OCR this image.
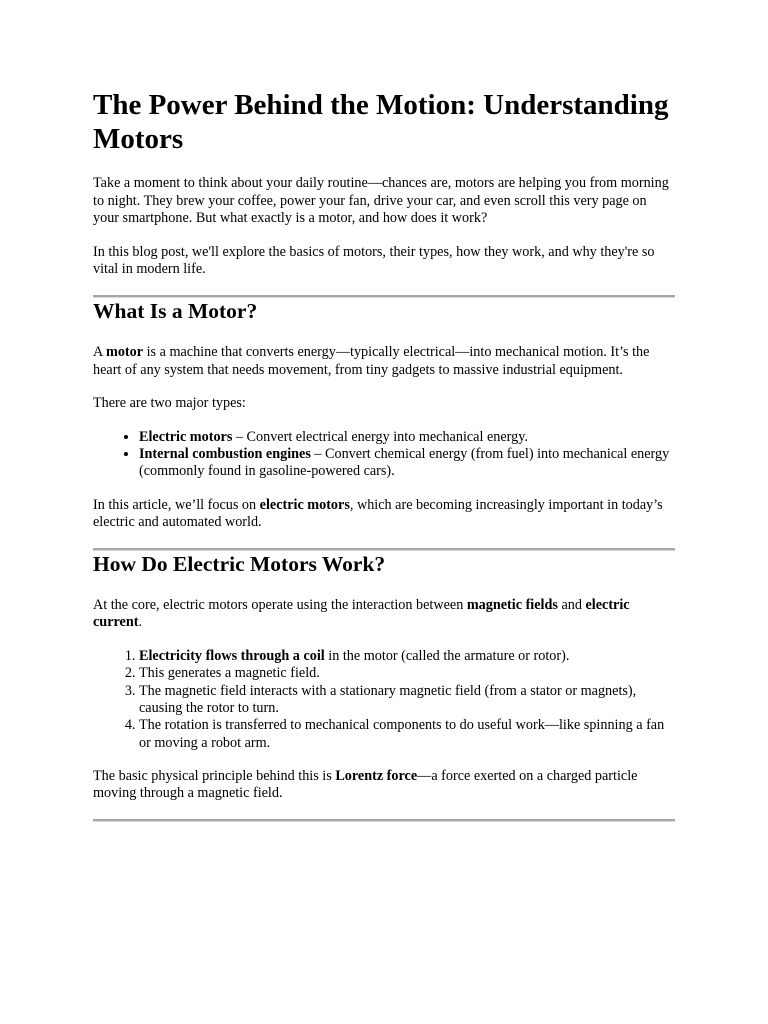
The Power Behind the Motion: Understanding Motors

Take a moment to think about your daily routine—chances are, motors are helping you from morning to night. They brew your coffee, power your fan, drive your car, and even scroll this very page on your smartphone. But what exactly is a motor, and how does it work?

In this blog post, we'll explore the basics of motors, their types, how they work, and why they're so vital in modern life.

What Is a Motor?

A motor is a machine that converts energy—typically electrical—into mechanical motion. It’s the heart of any system that needs movement, from tiny gadgets to massive industrial equipment.

There are two major types:

• Electric motors – Convert electrical energy into mechanical energy.
• Internal combustion engines – Convert chemical energy (from fuel) into mechanical energy (commonly found in gasoline-powered cars).

In this article, we’ll focus on electric motors, which are becoming increasingly important in today’s electric and automated world.

How Do Electric Motors Work?

At the core, electric motors operate using the interaction between magnetic fields and electric current.

1. Electricity flows through a coil in the motor (called the armature or rotor).
2. This generates a magnetic field.
3. The magnetic field interacts with a stationary magnetic field (from a stator or magnets), causing the rotor to turn.
4. The rotation is transferred to mechanical components to do useful work—like spinning a fan or moving a robot arm.

The basic physical principle behind this is Lorentz force—a force exerted on a charged particle moving through a magnetic field.
